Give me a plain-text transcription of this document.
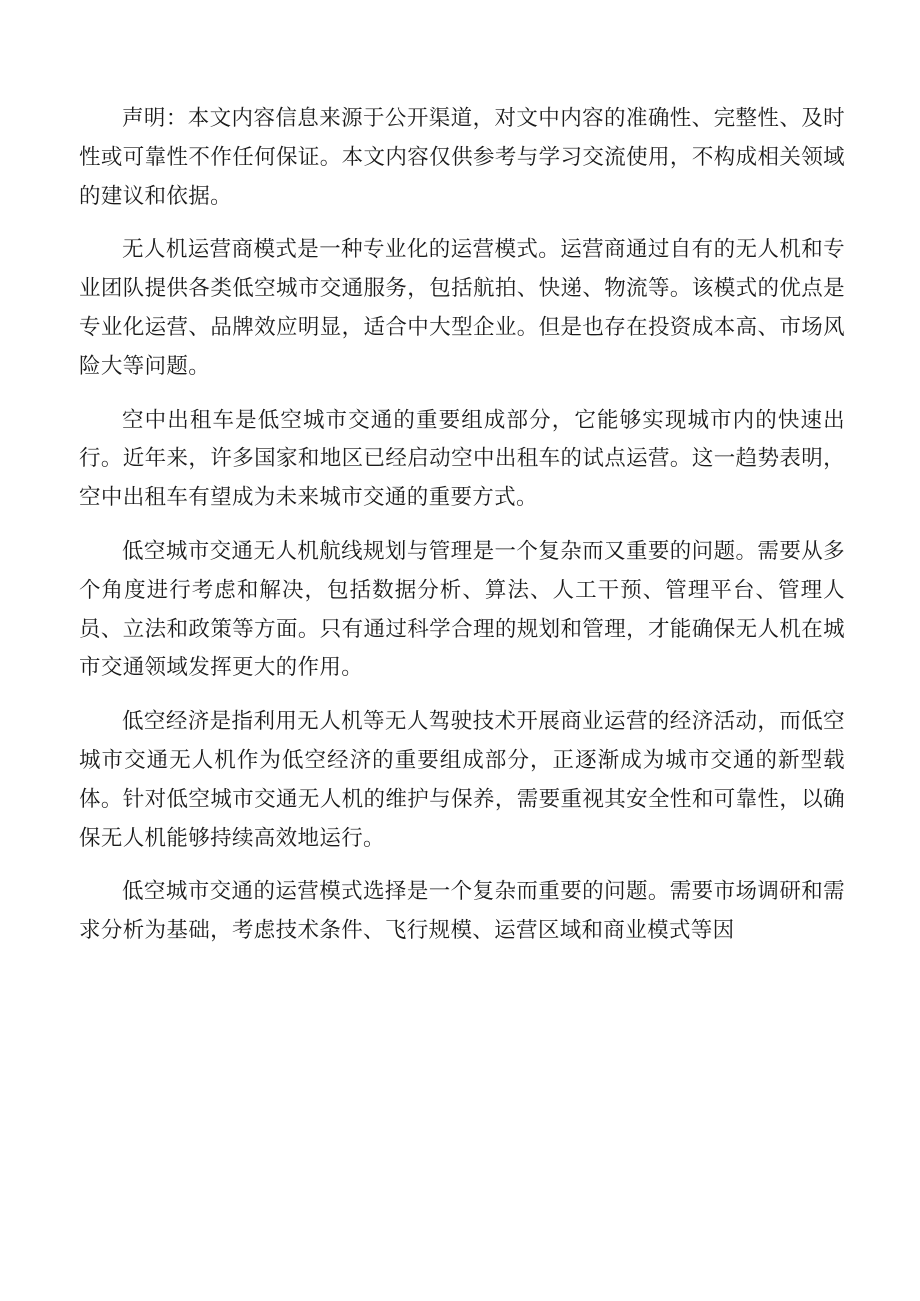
声明：本文内容信息来源于公开渠道，对文中内容的准确性、完整性、及时性或可靠性不作任何保证。本文内容仅供参考与学习交流使用，不构成相关领域的建议和依据。

无人机运营商模式是一种专业化的运营模式。运营商通过自有的无人机和专业团队提供各类低空城市交通服务，包括航拍、快递、物流等。该模式的优点是专业化运营、品牌效应明显，适合中大型企业。但是也存在投资成本高、市场风险大等问题。

空中出租车是低空城市交通的重要组成部分，它能够实现城市内的快速出行。近年来，许多国家和地区已经启动空中出租车的试点运营。这一趋势表明，空中出租车有望成为未来城市交通的重要方式。

低空城市交通无人机航线规划与管理是一个复杂而又重要的问题。需要从多个角度进行考虑和解决，包括数据分析、算法、人工干预、管理平台、管理人员、立法和政策等方面。只有通过科学合理的规划和管理，才能确保无人机在城市交通领域发挥更大的作用。

低空经济是指利用无人机等无人驾驶技术开展商业运营的经济活动，而低空城市交通无人机作为低空经济的重要组成部分，正逐渐成为城市交通的新型载体。针对低空城市交通无人机的维护与保养，需要重视其安全性和可靠性，以确保无人机能够持续高效地运行。

低空城市交通的运营模式选择是一个复杂而重要的问题。需要市场调研和需求分析为基础，考虑技术条件、飞行规模、运营区域和商业模式等因
